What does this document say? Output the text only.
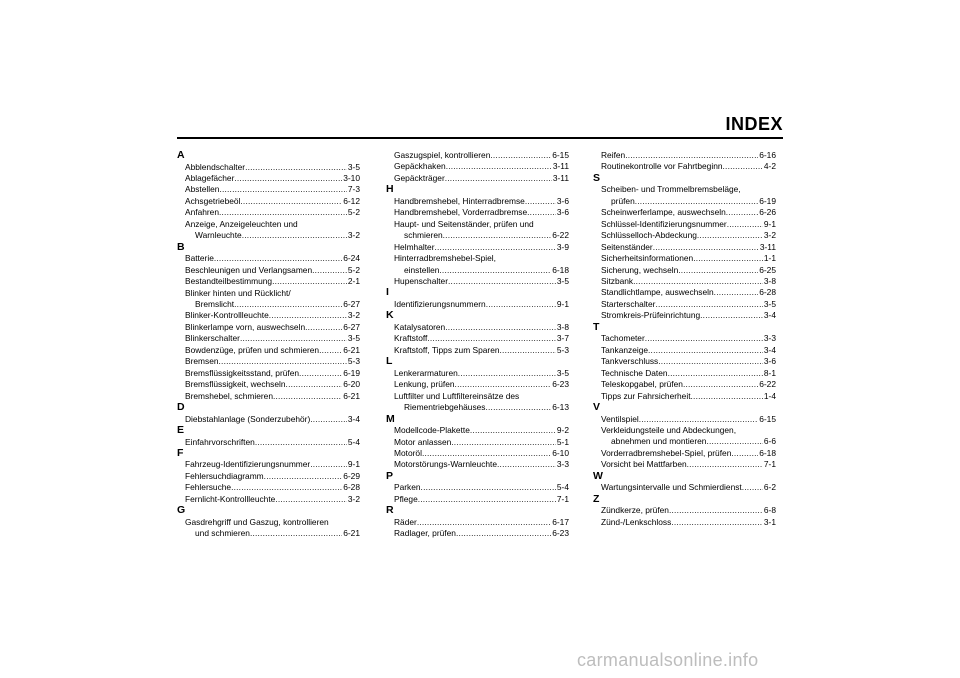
INDEX
A
Abblendschalter .....	3-5
Ablagefächer .....	3-10
Abstellen .....	7-3
Achsgetriebeöl .....	6-12
Anfahren .....	5-2
Anzeige, Anzeigeleuchten und
Warnleuchte .....	3-2
B
Batterie .....	6-24
Beschleunigen und Verlangsamen .....	5-2
Bestandteilbestimmung .....	2-1
Blinker hinten und Rücklicht/
Bremslicht .....	6-27
Blinker-Kontrollleuchte .....	3-2
Blinkerlampe vorn, auswechseln .....	6-27
Blinkerschalter .....	3-5
Bowdenzüge, prüfen und schmieren .....	6-21
Bremsen .....	5-3
Bremsflüssigkeitsstand, prüfen .....	6-19
Bremsflüssigkeit, wechseln .....	6-20
Bremshebel, schmieren .....	6-21
D
Diebstahlanlage (Sonderzubehör) .....	3-4
E
Einfahrvorschriften .....	5-4
F
Fahrzeug-Identifizierungsnummer .....	9-1
Fehlersuchdiagramm .....	6-29
Fehlersuche .....	6-28
Fernlicht-Kontrollleuchte .....	3-2
G
Gasdrehgriff und Gaszug, kontrollieren
und schmieren .....	6-21
Gaszugspiel, kontrollieren .....	6-15
Gepäckhaken .....	3-11
Gepäckträger .....	3-11
H
Handbremshebel, Hinterradbremse .....	3-6
Handbremshebel, Vorderradbremse .....	3-6
Haupt- und Seitenständer, prüfen und
schmieren .....	6-22
Helmhalter .....	3-9
Hinterradbremshebel-Spiel,
einstellen .....	6-18
Hupenschalter .....	3-5
I
Identifizierungsnummern .....	9-1
K
Katalysatoren .....	3-8
Kraftstoff .....	3-7
Kraftstoff, Tipps zum Sparen .....	5-3
L
Lenkerarmaturen .....	3-5
Lenkung, prüfen .....	6-23
Luftfilter und Luftfiltereinsätze des
Riementriebgehäuses .....	6-13
M
Modellcode-Plakette .....	9-2
Motor anlassen .....	5-1
Motoröl .....	6-10
Motorstörungs-Warnleuchte .....	3-3
P
Parken .....	5-4
Pflege .....	7-1
R
Räder .....	6-17
Radlager, prüfen .....	6-23
Reifen .....	6-16
Routinekontrolle vor Fahrtbeginn .....	4-2
S
Scheiben- und Trommelbremsbeläge,
prüfen .....	6-19
Scheinwerferlampe, auswechseln .....	6-26
Schlüssel-Identifizierungsnummer .....	9-1
Schlüsselloch-Abdeckung .....	3-2
Seitenständer .....	3-11
Sicherheitsinformationen .....	1-1
Sicherung, wechseln .....	6-25
Sitzbank .....	3-8
Standlichtlampe, auswechseln .....	6-28
Starterschalter .....	3-5
Stromkreis-Prüfeinrichtung .....	3-4
T
Tachometer .....	3-3
Tankanzeige .....	3-4
Tankverschluss .....	3-6
Technische Daten .....	8-1
Teleskopgabel, prüfen .....	6-22
Tipps zur Fahrsicherheit .....	1-4
V
Ventilspiel .....	6-15
Verkleidungsteile und Abdeckungen,
abnehmen und montieren .....	6-6
Vorderradbremshebel-Spiel, prüfen .....	6-18
Vorsicht bei Mattfarben .....	7-1
W
Wartungsintervalle und Schmierdienst .....	6-2
Z
Zündkerze, prüfen .....	6-8
Zünd-/Lenkschloss .....	3-1
carmanualsonline.info
